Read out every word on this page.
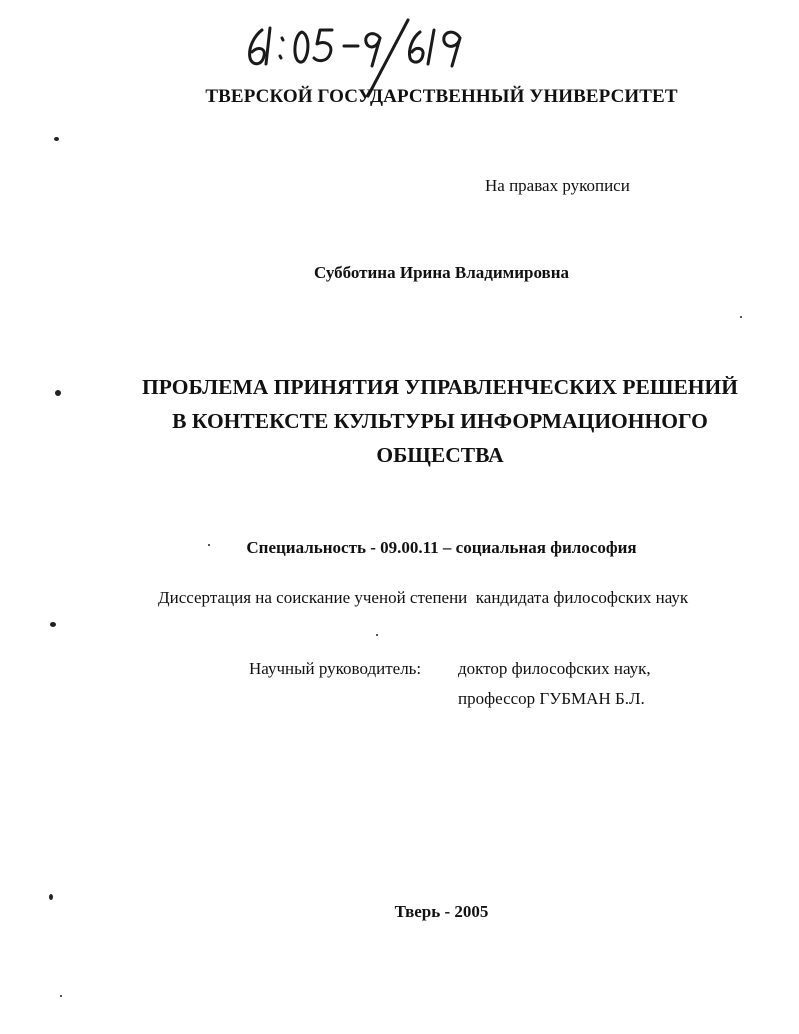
ТВЕРСКОЙ ГОСУДАРСТВЕННЫЙ УНИВЕРСИТЕТ
На правах рукописи
Субботина Ирина Владимировна
ПРОБЛЕМА ПРИНЯТИЯ УПРАВЛЕНЧЕСКИХ РЕШЕНИЙ
В КОНТЕКСТЕ КУЛЬТУРЫ ИНФОРМАЦИОННОГО
ОБЩЕСТВА
Специальность - 09.00.11 – социальная философия
Диссертация на соискание ученой степени  кандидата философских наук
Научный руководитель: доктор философских наук,
профессор ГУБМАН Б.Л.
Тверь - 2005
